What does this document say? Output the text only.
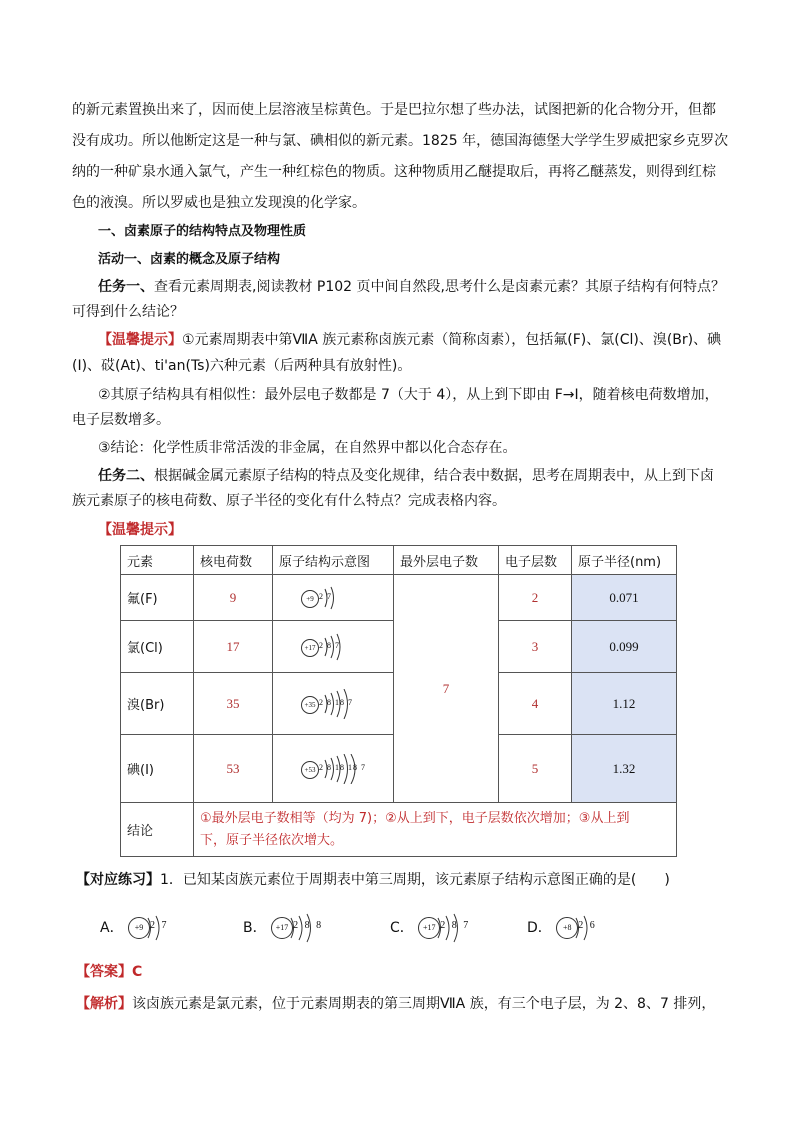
的新元素置换出来了，因而使上层溶液呈棕黄色。于是巴拉尔想了些办法，试图把新的化合物分开，但都
没有成功。所以他断定这是一种与氯、碘相似的新元素。1825 年，德国海德堡大学学生罗威把家乡克罗次
纳的一种矿泉水通入氯气，产生一种红棕色的物质。这种物质用乙醚提取后，再将乙醚蒸发，则得到红棕
色的液溴。所以罗威也是独立发现溴的化学家。
一、卤素原子的结构特点及物理性质
活动一、卤素的概念及原子结构
任务一、查看元素周期表,阅读教材 P102 页中间自然段,思考什么是卤素元素？其原子结构有何特点？
可得到什么结论？
【温馨提示】①元素周期表中第ⅦA 族元素称卤族元素（简称卤素），包括氟(F)、氯(Cl)、溴(Br)、碘
(I)、砹(At)、ti'an(Ts)六种元素（后两种具有放射性)。
②其原子结构具有相似性：最外层电子数都是 7（大于 4），从上到下即由 F→I，随着核电荷数增加，
电子层数增多。
③结论：化学性质非常活泼的非金属，在自然界中都以化合态存在。
任务二、根据碱金属元素原子结构的特点及变化规律，结合表中数据，思考在周期表中，从上到下卤
族元素原子的核电荷数、原子半径的变化有什么特点？完成表格内容。
【温馨提示】
元素	核电荷数	原子结构示意图	最外层电子数	电子层数	原子半径(nm)
氟(F)	9	+9 2 7	7	2	0.071
氯(Cl)	17	+17 2 8 7		3	0.099
溴(Br)	35	+35 2 8 18 7		4	1.12
碘(I)	53	+53 2 8 18 18 7		5	1.32
结论	①最外层电子数相等（均为 7)；②从上到下，电子层数依次增加；③从上到
下，原子半径依次增大。				
【对应练习】1．已知某卤族元素位于周期表中第三周期，该元素原子结构示意图正确的是(　　)
A．	+9 2 7	B．	+17 2 8 8	C．	+17 2 8 7	D．	+8 2 6
【答案】C
【解析】该卤族元素是氯元素，位于元素周期表的第三周期ⅦA 族，有三个电子层，为 2、8、7 排列，
